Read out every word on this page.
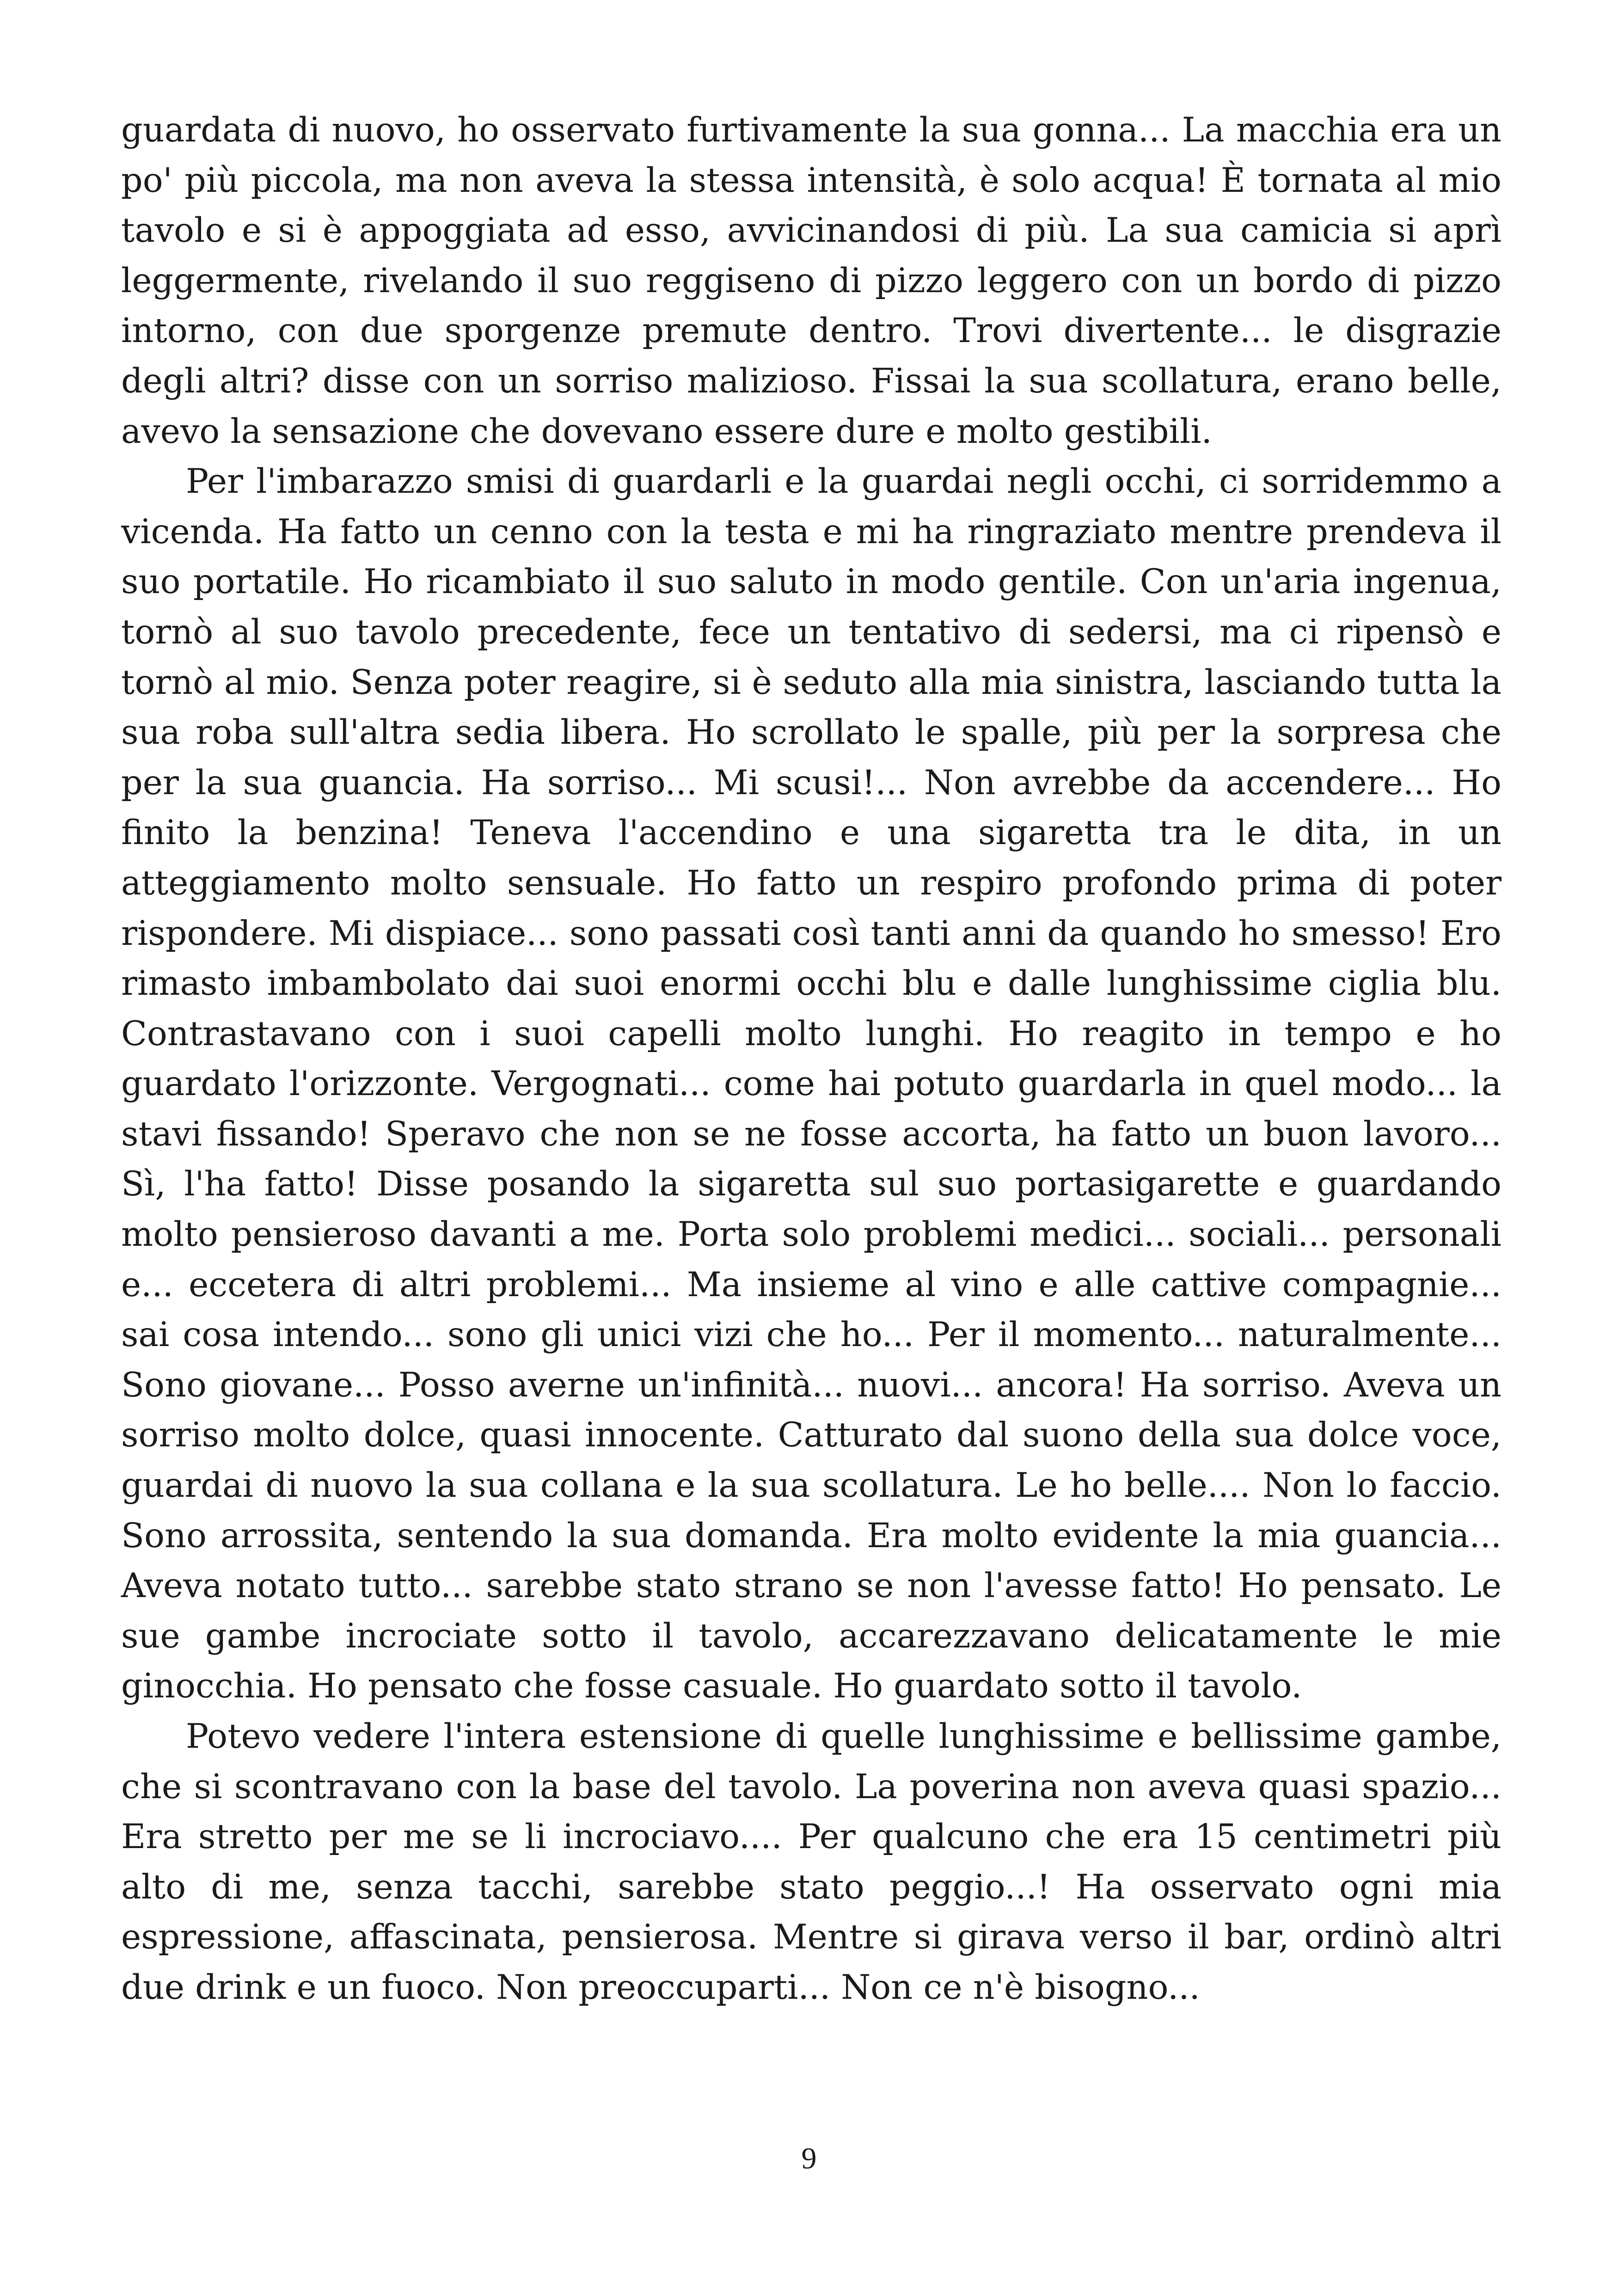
guardata di nuovo, ho osservato furtivamente la sua gonna... La macchia era un po' più piccola, ma non aveva la stessa intensità, è solo acqua! È tornata al mio tavolo e si è appoggiata ad esso, avvicinandosi di più. La sua camicia si aprì leggermente, rivelando il suo reggiseno di pizzo leggero con un bordo di pizzo intorno, con due sporgenze premute dentro. Trovi divertente... le disgrazie degli altri? disse con un sorriso malizioso. Fissai la sua scollatura, erano belle, avevo la sensazione che dovevano essere dure e molto gestibili.

Per l'imbarazzo smisi di guardarli e la guardai negli occhi, ci sorridemmo a vicenda. Ha fatto un cenno con la testa e mi ha ringraziato mentre prendeva il suo portatile. Ho ricambiato il suo saluto in modo gentile. Con un'aria ingenua, tornò al suo tavolo precedente, fece un tentativo di sedersi, ma ci ripensò e tornò al mio. Senza poter reagire, si è seduto alla mia sinistra, lasciando tutta la sua roba sull'altra sedia libera. Ho scrollato le spalle, più per la sorpresa che per la sua guancia. Ha sorriso... Mi scusi!... Non avrebbe da accendere... Ho finito la benzina! Teneva l'accendino e una sigaretta tra le dita, in un atteggiamento molto sensuale. Ho fatto un respiro profondo prima di poter rispondere. Mi dispiace... sono passati così tanti anni da quando ho smesso! Ero rimasto imbambolato dai suoi enormi occhi blu e dalle lunghissime ciglia blu. Contrastavano con i suoi capelli molto lunghi. Ho reagito in tempo e ho guardato l'orizzonte. Vergognati... come hai potuto guardarla in quel modo... la stavi fissando! Speravo che non se ne fosse accorta, ha fatto un buon lavoro... Sì, l'ha fatto! Disse posando la sigaretta sul suo portasigarette e guardando molto pensieroso davanti a me. Porta solo problemi medici... sociali... personali e... eccetera di altri problemi... Ma insieme al vino e alle cattive compagnie... sai cosa intendo... sono gli unici vizi che ho... Per il momento... naturalmente... Sono giovane... Posso averne un'infinità... nuovi... ancora! Ha sorriso. Aveva un sorriso molto dolce, quasi innocente. Catturato dal suono della sua dolce voce, guardai di nuovo la sua collana e la sua scollatura. Le ho belle.... Non lo faccio. Sono arrossita, sentendo la sua domanda. Era molto evidente la mia guancia... Aveva notato tutto... sarebbe stato strano se non l'avesse fatto! Ho pensato. Le sue gambe incrociate sotto il tavolo, accarezzavano delicatamente le mie ginocchia. Ho pensato che fosse casuale. Ho guardato sotto il tavolo.

Potevo vedere l'intera estensione di quelle lunghissime e bellissime gambe, che si scontravano con la base del tavolo. La poverina non aveva quasi spazio... Era stretto per me se li incrociavo.... Per qualcuno che era 15 centimetri più alto di me, senza tacchi, sarebbe stato peggio...! Ha osservato ogni mia espressione, affascinata, pensierosa. Mentre si girava verso il bar, ordinò altri due drink e un fuoco. Non preoccuparti... Non ce n'è bisogno...

9
